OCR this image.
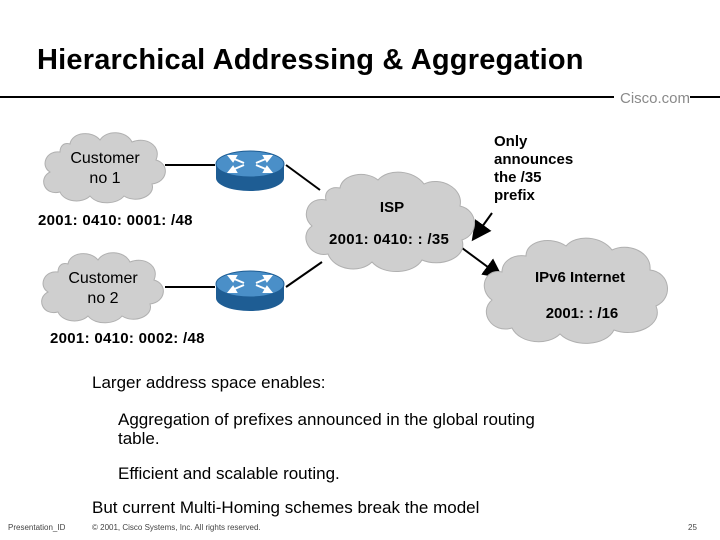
Hierarchical Addressing & Aggregation
Cisco.com
Customer
no 1
Customer
no 2
ISP
IPv6 Internet
2001: : /16
2001: 0410: 0001: /48
2001: 0410: : /35
2001: 0410: 0002: /48
Only
announces
the /35
prefix
Larger address space enables:
Aggregation of prefixes announced in the global routing
table.
Efficient and scalable routing.
But current Multi-Homing schemes break the model
Presentation_ID	© 2001, Cisco Systems, Inc. All rights reserved.	25
